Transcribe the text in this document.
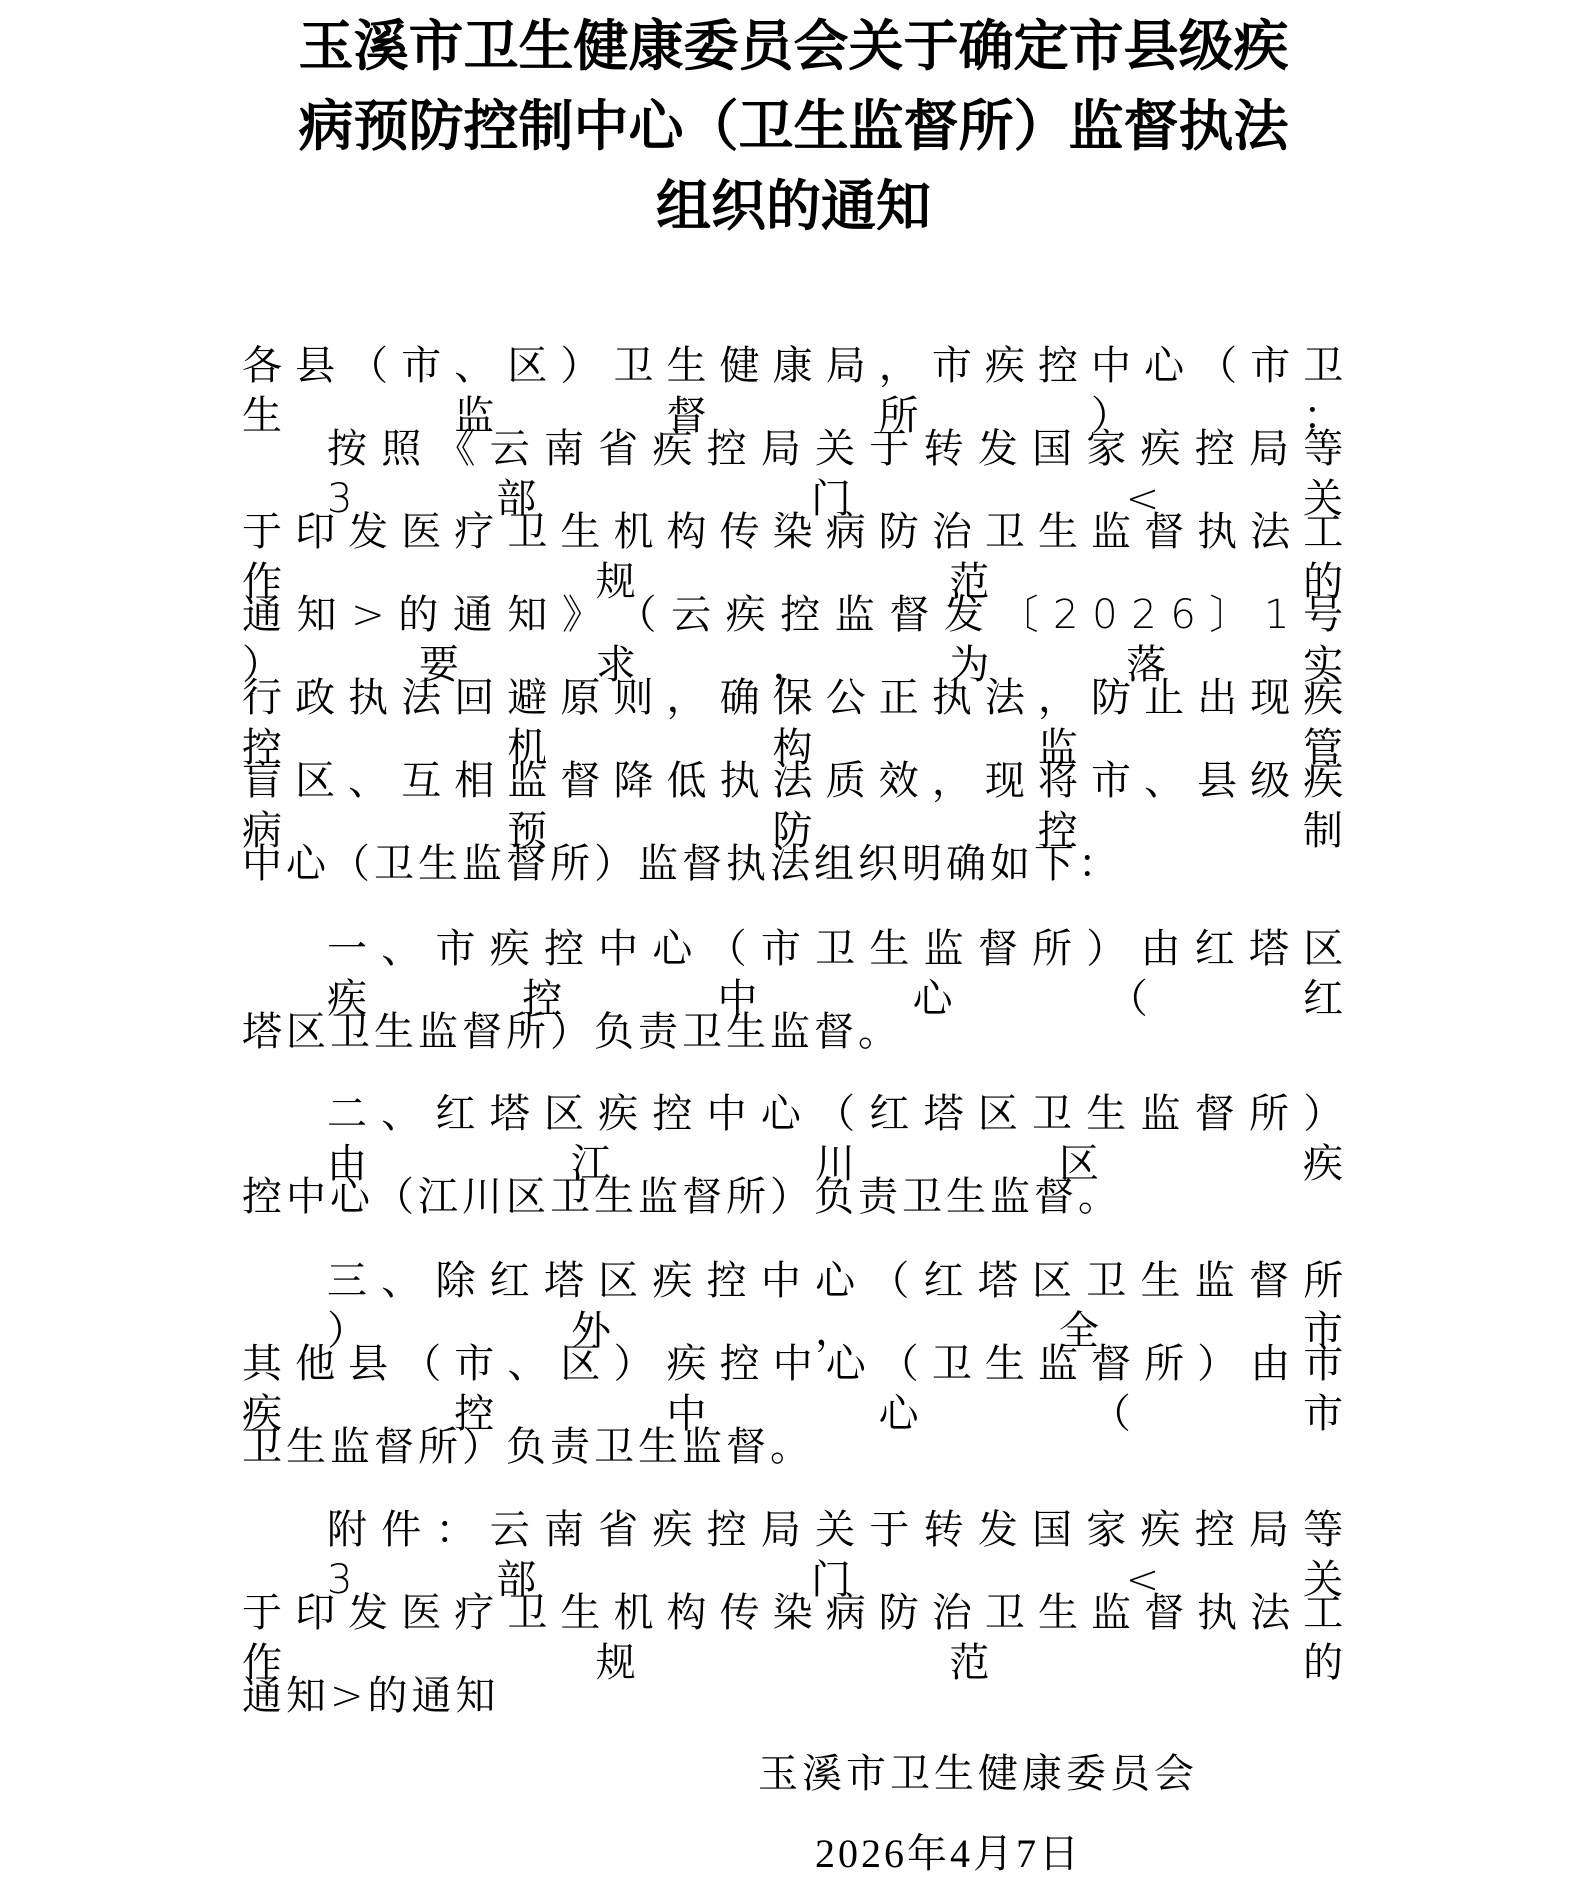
玉溪市卫生健康委员会关于确定市县级疾
病预防控制中心（卫生监督所）监督执法
组织的通知
各 县 （ 市 、 区 ） 卫 生 健 康 局 ， 市 疾 控 中 心 （ 市 卫 生 监 督 所 ） ：
按 照 《 云 南 省 疾 控 局 关 于 转 发 国 家 疾 控 局 等 3	部	门	<	关
于 印 发 医 疗 卫 生 机 构 传 染 病 防 治 卫 生 监 督 执 法 工 作	规	范	的
通 知 > 的 通 知 》 （ 云 疾 控 监 督 发 〔 2 0 2 6 〕 1 号 ） 要 求 ， 为 落 实
行 政 执 法 回 避 原 则 ， 确 保 公 正 执 法 ， 防 止 出 现 疾 控	机	构	监	管
盲 区 、 互 相 监 督 降 低 执 法 质 效 ， 现 将 市 、 县 级 疾 病	预	防	控	制
中心（卫生监督所）监督执法组织明确如下：
一 、 市 疾 控 中 心 （ 市 卫 生 监 督 所 ） 由 红 塔 区 疾 控 中 心 （ 红
塔区卫生监督所）负责卫生监督。
二 、 红 塔 区 疾 控 中 心 （ 红 塔 区 卫 生 监 督 所 ） 由	江	川	区	疾
控中心（江川区卫生监督所）负责卫生监督。
三 、 除 红 塔 区 疾 控 中 心 （ 红 塔 区 卫 生 监 督 所 ）	外	，	全	市
其 他 县 （ 市 、 区 ） 疾 控 中 心 （ 卫 生 监 督 所 ） 由 市 疾 控 中 心 （ 市
卫生监督所）负责卫生监督。
附 件 ： 云 南 省 疾 控 局 关 于 转 发 国 家 疾 控 局 等 3	部	门	<	关
于 印 发 医 疗 卫 生 机 构 传 染 病 防 治 卫 生 监 督 执 法 工 作	规	范	的
通知>的通知
玉溪市卫生健康委员会
2026年4月7日
